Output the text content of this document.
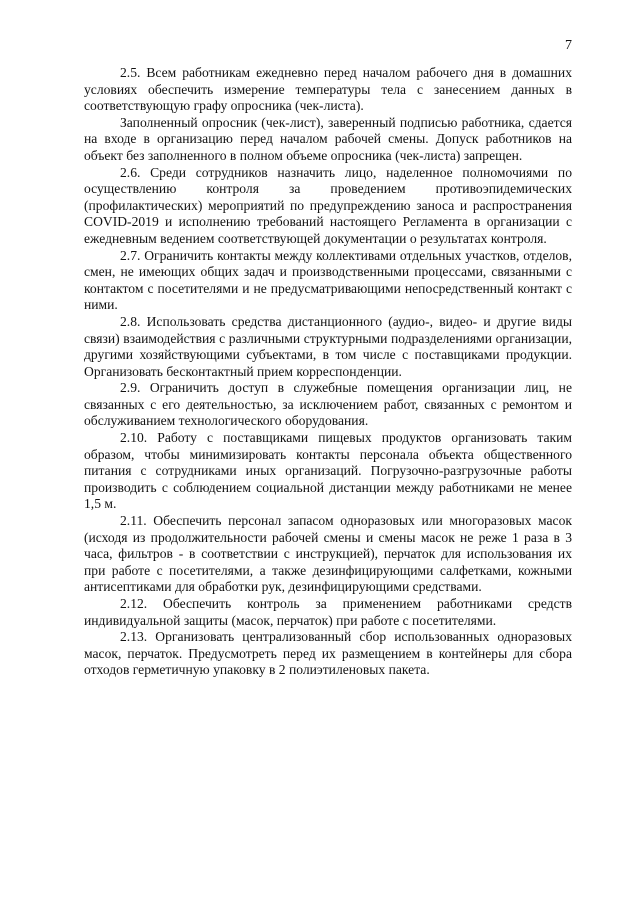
7

2.5. Всем работникам ежедневно перед началом рабочего дня в домашних условиях обеспечить измерение температуры тела с занесением данных в соответствующую графу опросника (чек-листа).

Заполненный опросник (чек-лист), заверенный подписью работника, сдается на входе в организацию перед началом рабочей смены. Допуск работников на объект без заполненного в полном объеме опросника (чек-листа) запрещен.

2.6. Среди сотрудников назначить лицо, наделенное полномочиями по осуществлению контроля за проведением противоэпидемических (профилактических) мероприятий по предупреждению заноса и распространения COVID-2019 и исполнению требований настоящего Регламента в организации с ежедневным ведением соответствующей документации о результатах контроля.

2.7. Ограничить контакты между коллективами отдельных участков, отделов, смен, не имеющих общих задач и производственными процессами, связанными с контактом с посетителями и не предусматривающими непосредственный контакт с ними.

2.8. Использовать средства дистанционного (аудио-, видео- и другие виды связи) взаимодействия с различными структурными подразделениями организации, другими хозяйствующими субъектами, в том числе с поставщиками продукции. Организовать бесконтактный прием корреспонденции.

2.9. Ограничить доступ в служебные помещения организации лиц, не связанных с его деятельностью, за исключением работ, связанных с ремонтом и обслуживанием технологического оборудования.

2.10. Работу с поставщиками пищевых продуктов организовать таким образом, чтобы минимизировать контакты персонала объекта общественного питания с сотрудниками иных организаций. Погрузочно-разгрузочные работы производить с соблюдением социальной дистанции между работниками не менее 1,5 м.

2.11. Обеспечить персонал запасом одноразовых или многоразовых масок (исходя из продолжительности рабочей смены и смены масок не реже 1 раза в 3 часа, фильтров - в соответствии с инструкцией), перчаток для использования их при работе с посетителями, а также дезинфицирующими салфетками, кожными антисептиками для обработки рук, дезинфицирующими средствами.

2.12. Обеспечить контроль за применением работниками средств индивидуальной защиты (масок, перчаток) при работе с посетителями.

2.13. Организовать централизованный сбор использованных одноразовых масок, перчаток. Предусмотреть перед их размещением в контейнеры для сбора отходов герметичную упаковку в 2 полиэтиленовых пакета.
